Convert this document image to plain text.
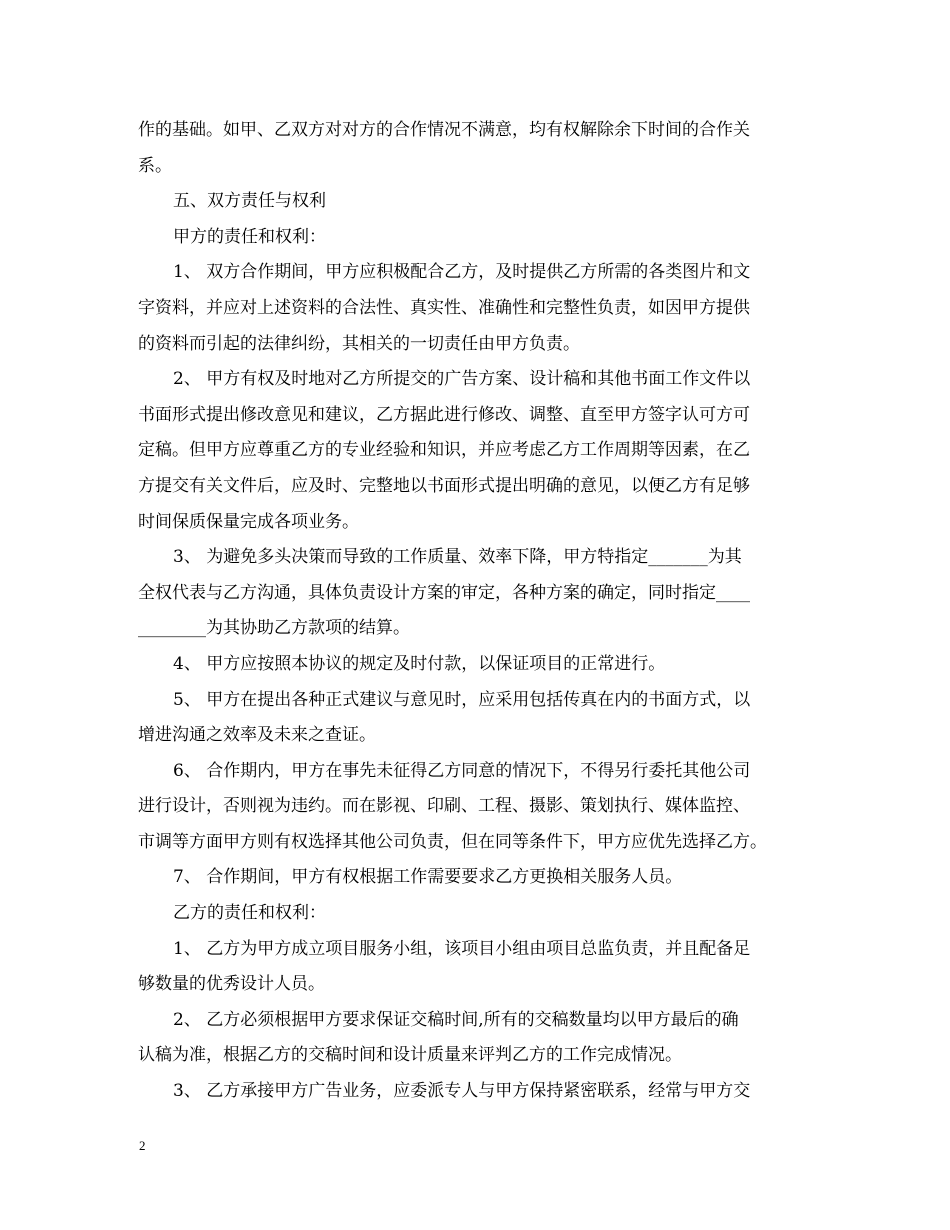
作的基础。如甲、乙双方对对方的合作情况不满意，均有权解除余下时间的合作关
系。
五、双方责任与权利
甲方的责任和权利：
1、 双方合作期间，甲方应积极配合乙方，及时提供乙方所需的各类图片和文
字资料，并应对上述资料的合法性、真实性、准确性和完整性负责，如因甲方提供
的资料而引起的法律纠纷，其相关的一切责任由甲方负责。
2、 甲方有权及时地对乙方所提交的广告方案、设计稿和其他书面工作文件以
书面形式提出修改意见和建议，乙方据此进行修改、调整、直至甲方签字认可方可
定稿。但甲方应尊重乙方的专业经验和知识，并应考虑乙方工作周期等因素，在乙
方提交有关文件后，应及时、完整地以书面形式提出明确的意见，以便乙方有足够
时间保质保量完成各项业务。
3、 为避免多头决策而导致的工作质量、效率下降，甲方特指定_______为其
全权代表与乙方沟通，具体负责设计方案的审定，各种方案的确定，同时指定____
________为其协助乙方款项的结算。
4、 甲方应按照本协议的规定及时付款，以保证项目的正常进行。
5、 甲方在提出各种正式建议与意见时，应采用包括传真在内的书面方式，以
增进沟通之效率及未来之查证。
6、 合作期内，甲方在事先未征得乙方同意的情况下，不得另行委托其他公司
进行设计，否则视为违约。而在影视、印刷、工程、摄影、策划执行、媒体监控、
市调等方面甲方则有权选择其他公司负责，但在同等条件下，甲方应优先选择乙方。
7、 合作期间，甲方有权根据工作需要要求乙方更换相关服务人员。
乙方的责任和权利：
1、 乙方为甲方成立项目服务小组，该项目小组由项目总监负责，并且配备足
够数量的优秀设计人员。
2、 乙方必须根据甲方要求保证交稿时间,所有的交稿数量均以甲方最后的确
认稿为准，根据乙方的交稿时间和设计质量来评判乙方的工作完成情况。
3、 乙方承接甲方广告业务，应委派专人与甲方保持紧密联系，经常与甲方交
2
